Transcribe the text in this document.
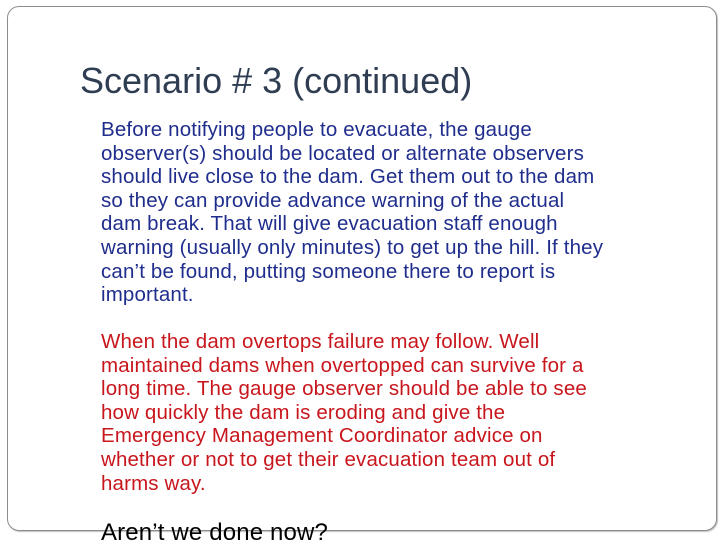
Scenario # 3 (continued)

Before notifying people to evacuate, the gauge
observer(s) should be located or alternate observers
should live close to the dam. Get them out to the dam
so they can provide advance warning of the actual
dam break. That will give evacuation staff enough
warning (usually only minutes) to get up the hill. If they
can’t be found, putting someone there to report is
important.

When the dam overtops failure may follow. Well
maintained dams when overtopped can survive for a
long time. The gauge observer should be able to see
how quickly the dam is eroding and give the
Emergency Management Coordinator advice on
whether or not to get their evacuation team out of
harms way.

Aren’t we done now?
